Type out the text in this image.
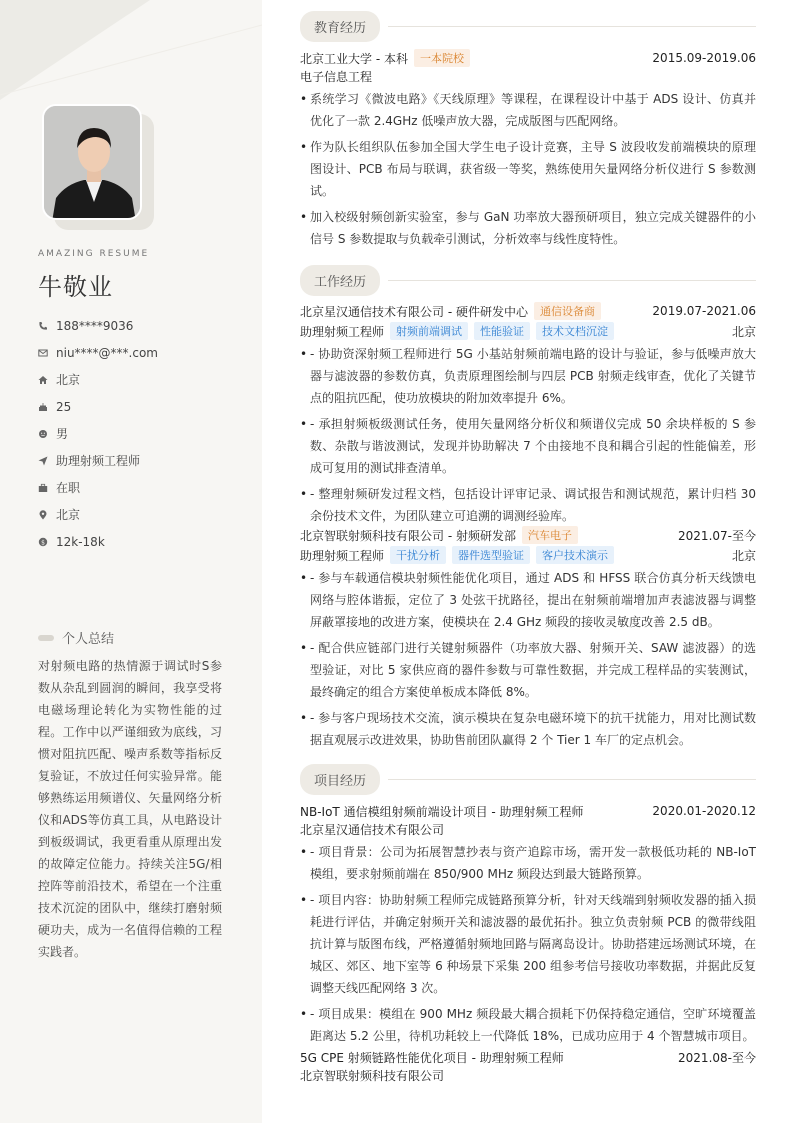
AMAZING RESUME
牛敬业
188****9036
niu****@***.com
北京
25
男
助理射频工程师
在职
北京
$ 12k-18k
个人总结
对射频电路的热情源于调试时S参数从杂乱到圆润的瞬间，我享受将电磁场理论转化为实物性能的过程。工作中以严谨细致为底线，习惯对阻抗匹配、噪声系数等指标反复验证，不放过任何实验异常。能够熟练运用频谱仪、矢量网络分析仪和ADS等仿真工具，从电路设计到板级调试，我更看重从原理出发的故障定位能力。持续关注5G/相控阵等前沿技术，希望在一个注重技术沉淀的团队中，继续打磨射频硬功夫，成为一名值得信赖的工程实践者。
教育经历
北京工业大学 - 本科	一本院校	2015.09-2019.06
电子信息工程
• 系统学习《微波电路》《天线原理》等课程，在课程设计中基于 ADS 设计、仿真并优化了一款 2.4GHz 低噪声放大器，完成版图与匹配网络。
• 作为队长组织队伍参加全国大学生电子设计竞赛，主导 S 波段收发前端模块的原理图设计、PCB 布局与联调，获省级一等奖，熟练使用矢量网络分析仪进行 S 参数测试。
• 加入校级射频创新实验室，参与 GaN 功率放大器预研项目，独立完成关键器件的小信号 S 参数提取与负载牵引测试，分析效率与线性度特性。
工作经历
北京星汉通信技术有限公司 - 硬件研发中心	通信设备商	2019.07-2021.06
助理射频工程师	射频前端调试	性能验证	技术文档沉淀	北京
• - 协助资深射频工程师进行 5G 小基站射频前端电路的设计与验证，参与低噪声放大器与滤波器的参数仿真，负责原理图绘制与四层 PCB 射频走线审查，优化了关键节点的阻抗匹配，使功放模块的附加效率提升 6%。
• - 承担射频板级测试任务，使用矢量网络分析仪和频谱仪完成 50 余块样板的 S 参数、杂散与谐波测试，发现并协助解决 7 个由接地不良和耦合引起的性能偏差，形成可复用的测试排查清单。
• - 整理射频研发过程文档，包括设计评审记录、调试报告和测试规范，累计归档 30 余份技术文件，为团队建立可追溯的调测经验库。
北京智联射频科技有限公司 - 射频研发部	汽车电子	2021.07-至今
助理射频工程师	干扰分析	器件选型验证	客户技术演示	北京
• - 参与车载通信模块射频性能优化项目，通过 ADS 和 HFSS 联合仿真分析天线馈电网络与腔体谐振，定位了 3 处弦干扰路径，提出在射频前端增加声表滤波器与调整屏蔽罩接地的改进方案，使模块在 2.4 GHz 频段的接收灵敏度改善 2.5 dB。
• - 配合供应链部门进行关键射频器件（功率放大器、射频开关、SAW 滤波器）的选型验证，对比 5 家供应商的器件参数与可靠性数据，并完成工程样品的实装测试，最终确定的组合方案使单板成本降低 8%。
• - 参与客户现场技术交流，演示模块在复杂电磁环境下的抗干扰能力，用对比测试数据直观展示改进效果，协助售前团队赢得 2 个 Tier 1 车厂的定点机会。
项目经历
NB-IoT 通信模组射频前端设计项目 - 助理射频工程师	2020.01-2020.12
北京星汉通信技术有限公司
• - 项目背景：公司为拓展智慧抄表与资产追踪市场，需开发一款极低功耗的 NB-IoT 模组，要求射频前端在 850/900 MHz 频段达到最大链路预算。
• - 项目内容：协助射频工程师完成链路预算分析，针对天线端到射频收发器的插入损耗进行评估，并确定射频开关和滤波器的最优拓扑。独立负责射频 PCB 的微带线阻抗计算与版图布线，严格遵循射频地回路与隔离岛设计。协助搭建远场测试环境，在城区、郊区、地下室等 6 种场景下采集 200 组参考信号接收功率数据，并据此反复调整天线匹配网络 3 次。
• - 项目成果：模组在 900 MHz 频段最大耦合损耗下仍保持稳定通信，空旷环境覆盖距离达 5.2 公里，待机功耗较上一代降低 18%，已成功应用于 4 个智慧城市项目。
5G CPE 射频链路性能优化项目 - 助理射频工程师	2021.08-至今
北京智联射频科技有限公司
